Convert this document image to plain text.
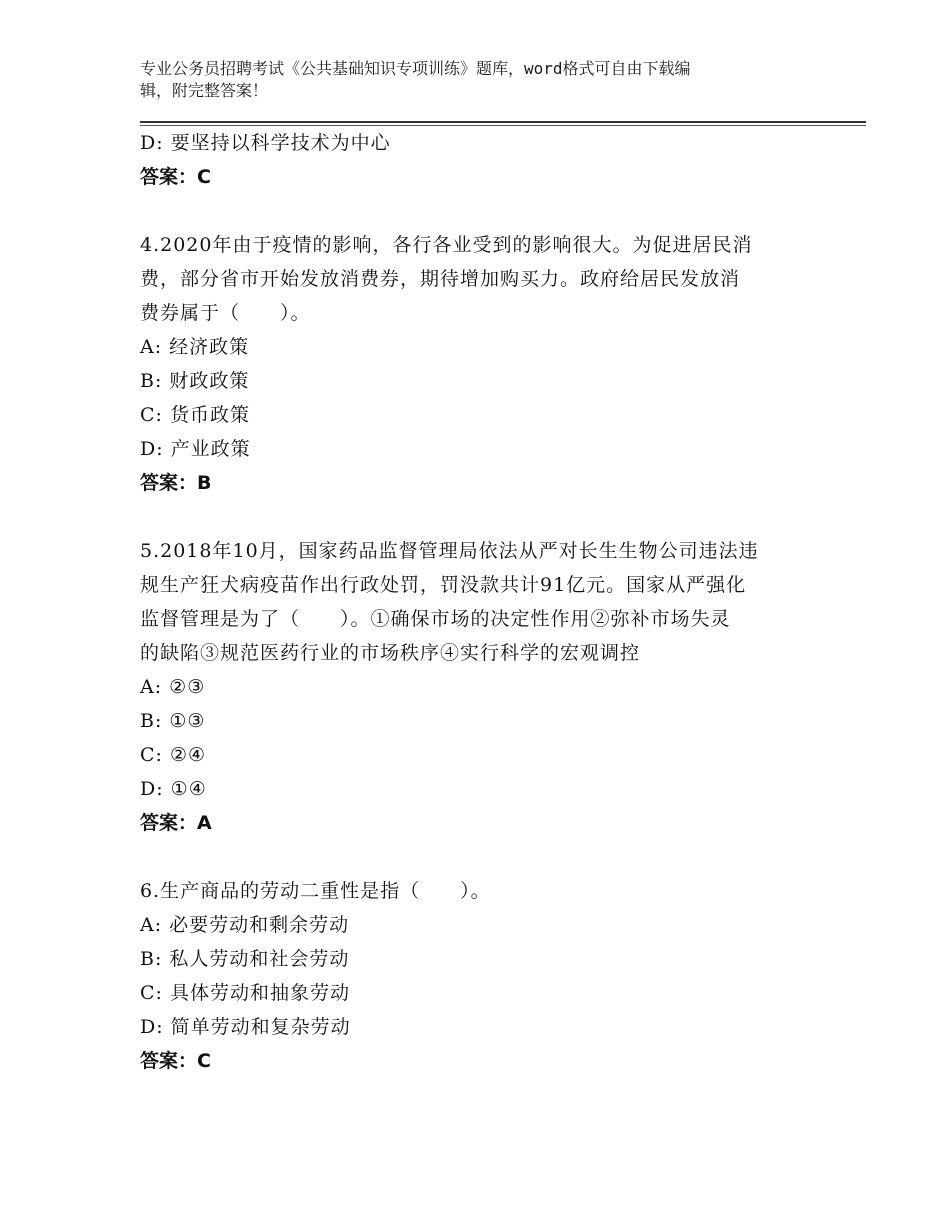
专业公务员招聘考试《公共基础知识专项训练》题库，word格式可自由下载编
辑，附完整答案！
D: 要坚持以科学技术为中心
答案：C
4.2020年由于疫情的影响，各行各业受到的影响很大。为促进居民消
费，部分省市开始发放消费券，期待增加购买力。政府给居民发放消
费券属于（　　）。
A: 经济政策
B: 财政政策
C: 货币政策
D: 产业政策
答案：B
5.2018年10月，国家药品监督管理局依法从严对长生生物公司违法违
规生产狂犬病疫苗作出行政处罚，罚没款共计91亿元。国家从严强化
监督管理是为了（　　）。①确保市场的决定性作用②弥补市场失灵
的缺陷③规范医药行业的市场秩序④实行科学的宏观调控
A: ②③
B: ①③
C: ②④
D: ①④
答案：A
6.生产商品的劳动二重性是指（　　）。
A: 必要劳动和剩余劳动
B: 私人劳动和社会劳动
C: 具体劳动和抽象劳动
D: 简单劳动和复杂劳动
答案：C
